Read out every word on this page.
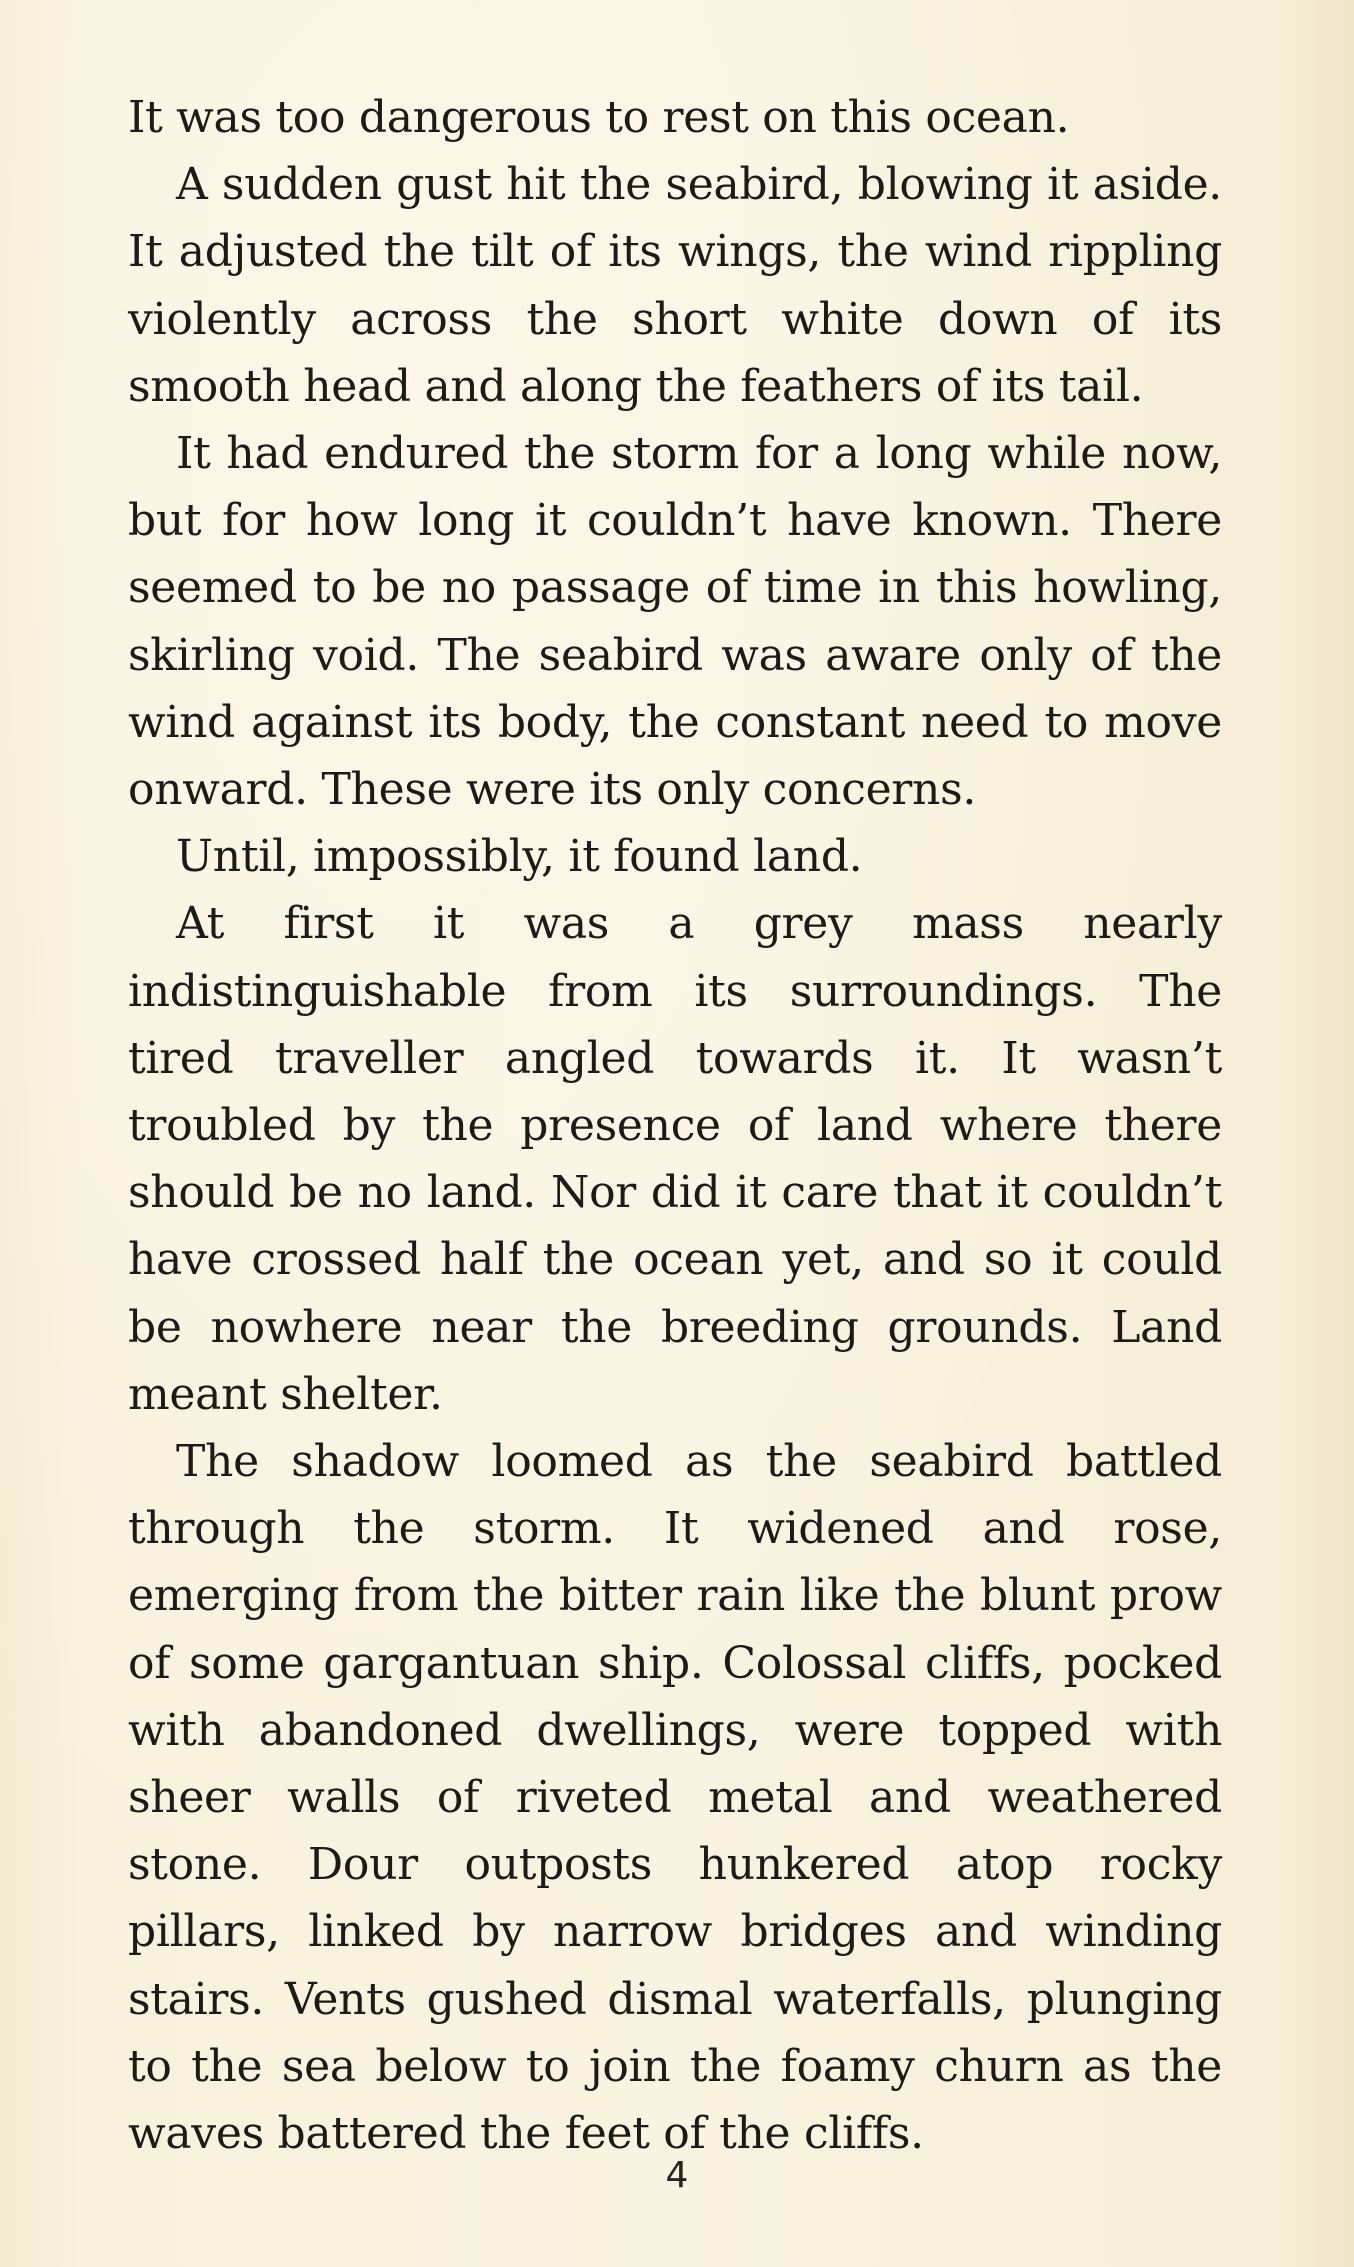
It was too dangerous to rest on this ocean.

A sudden gust hit the seabird, blowing it aside. It adjusted the tilt of its wings, the wind rippling violently across the short white down of its smooth head and along the feathers of its tail.

It had endured the storm for a long while now, but for how long it couldn’t have known. There seemed to be no passage of time in this howling, skirling void. The seabird was aware only of the wind against its body, the constant need to move onward. These were its only concerns.

Until, impossibly, it found land.

At first it was a grey mass nearly indistinguishable from its surroundings. The tired traveller angled towards it. It wasn’t troubled by the presence of land where there should be no land. Nor did it care that it couldn’t have crossed half the ocean yet, and so it could be nowhere near the breeding grounds. Land meant shelter.

The shadow loomed as the seabird battled through the storm. It widened and rose, emerging from the bitter rain like the blunt prow of some gargantuan ship. Colossal cliffs, pocked with abandoned dwellings, were topped with sheer walls of riveted metal and weathered stone. Dour outposts hunkered atop rocky pillars, linked by narrow bridges and winding stairs. Vents gushed dismal waterfalls, plunging to the sea below to join the foamy churn as the waves battered the feet of the cliffs.

4
